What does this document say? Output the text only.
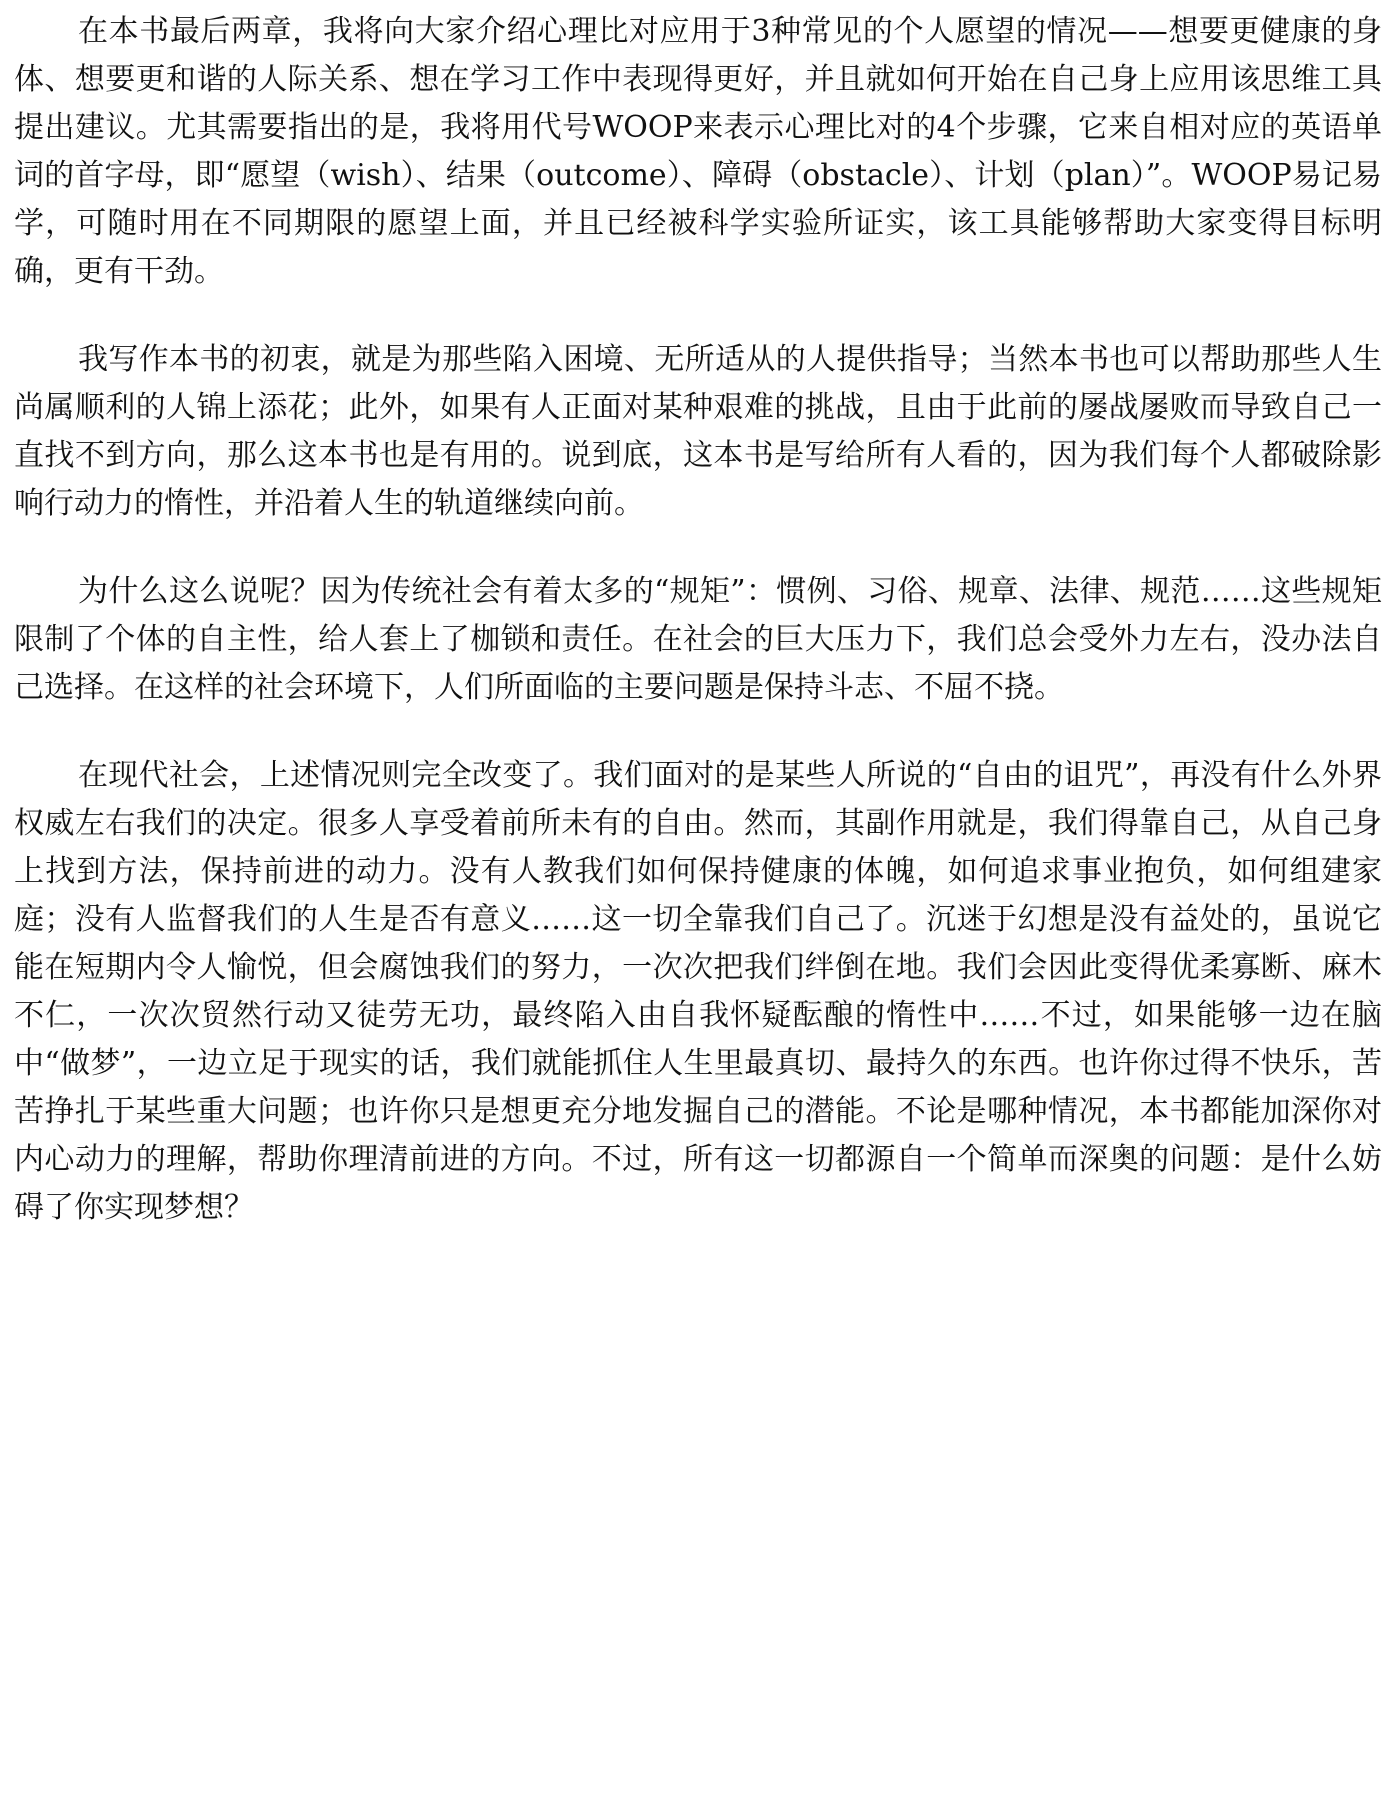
在本书最后两章，我将向大家介绍心理比对应用于3种常见的个人愿望的情况——想要更健康的身体、想要更和谐的人际关系、想在学习工作中表现得更好，并且就如何开始在自己身上应用该思维工具提出建议。尤其需要指出的是，我将用代号WOOP来表示心理比对的4个步骤，它来自相对应的英语单词的首字母，即“愿望（wish）、结果（outcome）、障碍（obstacle）、计划（plan）”。WOOP易记易学，可随时用在不同期限的愿望上面，并且已经被科学实验所证实，该工具能够帮助大家变得目标明确，更有干劲。

我写作本书的初衷，就是为那些陷入困境、无所适从的人提供指导；当然本书也可以帮助那些人生尚属顺利的人锦上添花；此外，如果有人正面对某种艰难的挑战，且由于此前的屡战屡败而导致自己一直找不到方向，那么这本书也是有用的。说到底，这本书是写给所有人看的，因为我们每个人都破除影响行动力的惰性，并沿着人生的轨道继续向前。

为什么这么说呢？因为传统社会有着太多的“规矩”：惯例、习俗、规章、法律、规范……这些规矩限制了个体的自主性，给人套上了枷锁和责任。在社会的巨大压力下，我们总会受外力左右，没办法自己选择。在这样的社会环境下，人们所面临的主要问题是保持斗志、不屈不挠。

在现代社会，上述情况则完全改变了。我们面对的是某些人所说的“自由的诅咒”，再没有什么外界权威左右我们的决定。很多人享受着前所未有的自由。然而，其副作用就是，我们得靠自己，从自己身上找到方法，保持前进的动力。没有人教我们如何保持健康的体魄，如何追求事业抱负，如何组建家庭；没有人监督我们的人生是否有意义……这一切全靠我们自己了。沉迷于幻想是没有益处的，虽说它能在短期内令人愉悦，但会腐蚀我们的努力，一次次把我们绊倒在地。我们会因此变得优柔寡断、麻木不仁，一次次贸然行动又徒劳无功，最终陷入由自我怀疑酝酿的惰性中……不过，如果能够一边在脑中“做梦”，一边立足于现实的话，我们就能抓住人生里最真切、最持久的东西。也许你过得不快乐，苦苦挣扎于某些重大问题；也许你只是想更充分地发掘自己的潜能。不论是哪种情况，本书都能加深你对内心动力的理解，帮助你理清前进的方向。不过，所有这一切都源自一个简单而深奥的问题：是什么妨碍了你实现梦想？
